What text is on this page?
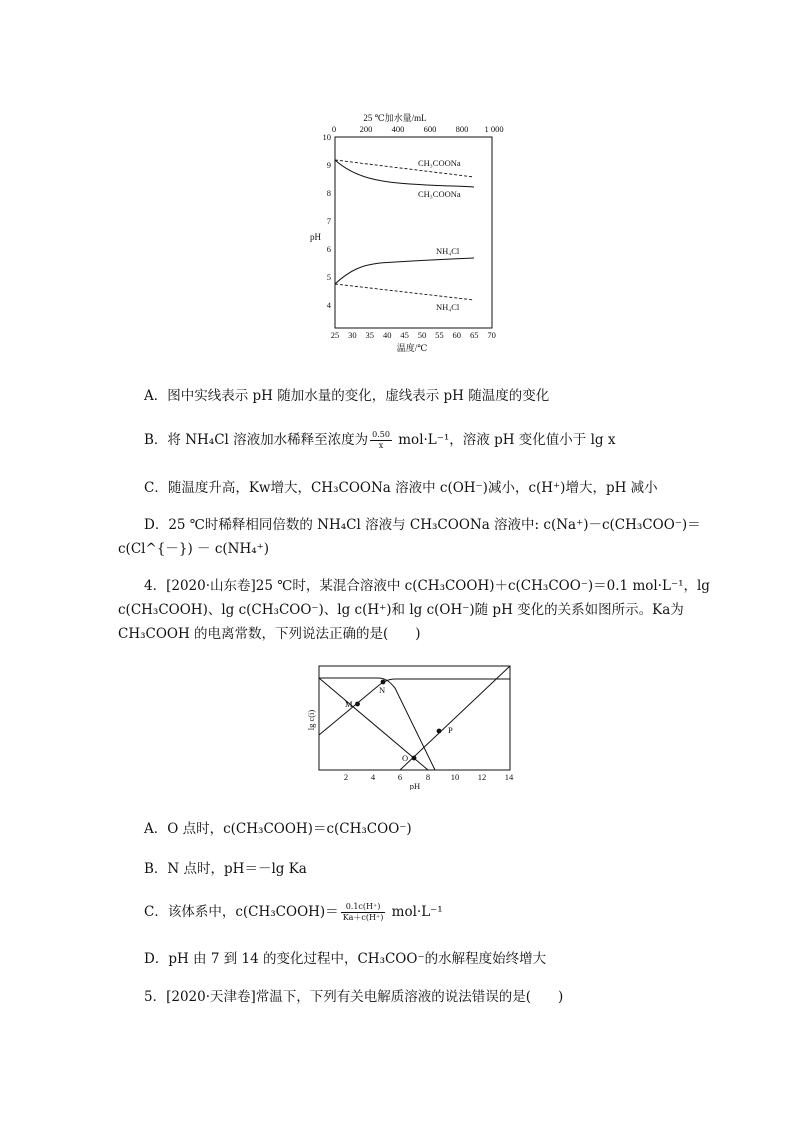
25 ℃加水量/mL
0	200 400 600 800 1 000
10
9
8
7
6
5
4
pH
25 30 35 40 45 50 55 60 65 70
温度/℃
CH₃COONa
CH₃COONa
NH₄Cl
NH₄Cl
A．图中实线表示 pH 随加水量的变化，虚线表示 pH 随温度的变化
B．将 NH₄Cl 溶液加水稀释至浓度为 $\frac{0.50}{x} mol\cdot L^{-1}$，溶液 pH 变化值小于 lg x
C．随温度升高，Kw增大，CH₃COONa 溶液中 c(OH⁻)减小，c(H⁺)增大，pH 减小
D．25 ℃时稀释相同倍数的 NH₄Cl 溶液与 CH₃COONa 溶液中: c(Na⁺)－c(CH₃COO⁻)＝
c(Cl^{－}) － c(NH₄⁺)
4．[2020·山东卷]25 ℃时，某混合溶液中 c(CH₃COOH)＋c(CH₃COO⁻)＝0.1 mol·L⁻¹，lg
c(CH₃COOH)、lg c(CH₃COO⁻)、lg c(H⁺)和 lg c(OH⁻)随 pH 变化的关系如图所示。Ka为
CH₃COOH 的电离常数，下列说法正确的是(　　)
lg c(i)
M
N
O
P
2	4	6	8 10 12 14
pH
A．O 点时，c(CH₃COOH)＝c(CH₃COO⁻)
B．N 点时，pH＝－lg Ka
C．该体系中，c(CH₃COOH)＝ $\frac{0.1c(H^+)}{Ka+c(H^+)} mol\cdot L^{-1}$
D．pH 由 7 到 14 的变化过程中，CH₃COO⁻的水解程度始终增大
5．[2020·天津卷]常温下，下列有关电解质溶液的说法错误的是(　　)
